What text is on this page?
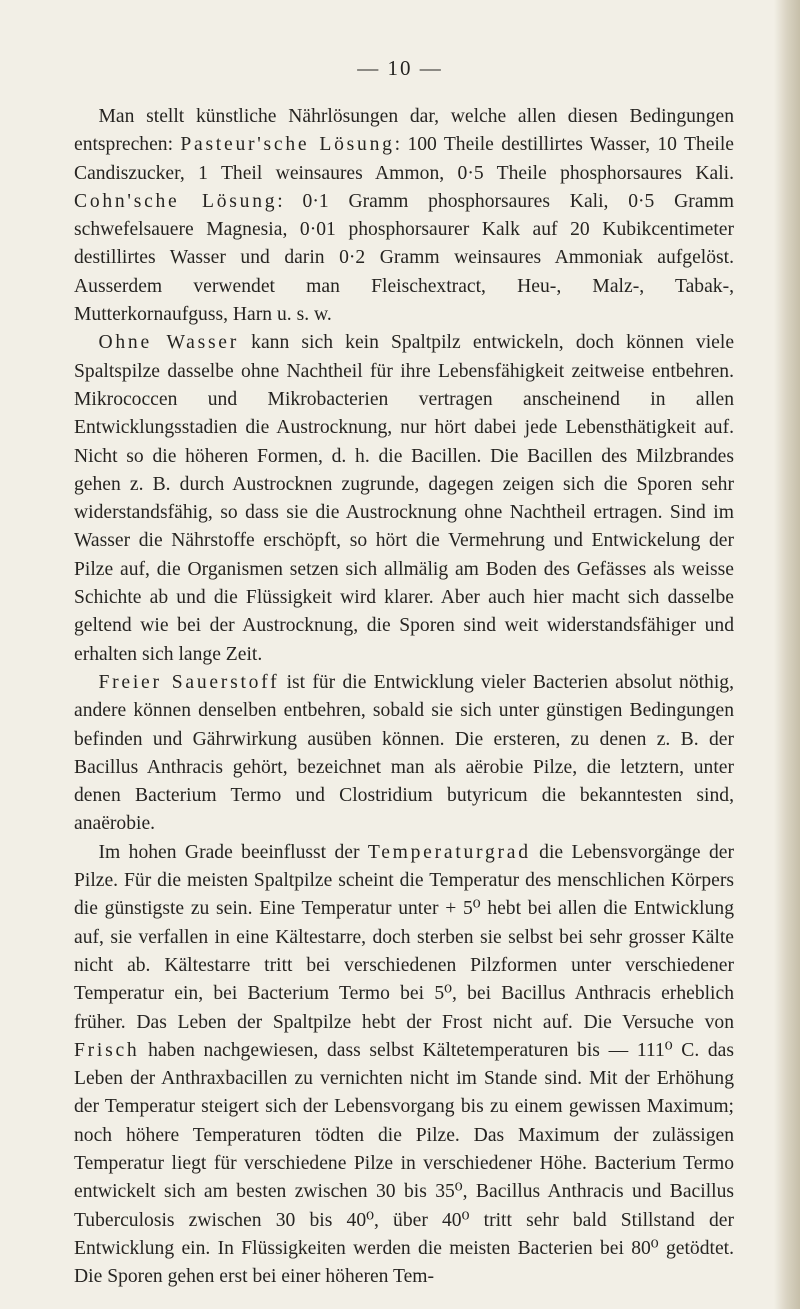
— 10 —

Man stellt künstliche Nährlösungen dar, welche allen diesen Bedingungen entsprechen: Pasteur'sche Lösung: 100 Theile destillirtes Wasser, 10 Theile Candiszucker, 1 Theil weinsaures Ammon, 0·5 Theile phosphorsaures Kali. Cohn'sche Lösung: 0·1 Gramm phosphorsaures Kali, 0·5 Gramm schwefelsauere Magnesia, 0·01 phosphorsaurer Kalk auf 20 Kubikcentimeter destillirtes Wasser und darin 0·2 Gramm weinsaures Ammoniak aufgelöst. Ausserdem verwendet man Fleischextract, Heu-, Malz-, Tabak-, Mutterkornaufguss, Harn u. s. w.

Ohne Wasser kann sich kein Spaltpilz entwickeln, doch können viele Spaltspilze dasselbe ohne Nachtheil für ihre Lebensfähigkeit zeitweise entbehren. Mikrococcen und Mikrobacterien vertragen anscheinend in allen Entwicklungsstadien die Austrocknung, nur hört dabei jede Lebensthätigkeit auf. Nicht so die höheren Formen, d. h. die Bacillen. Die Bacillen des Milzbrandes gehen z. B. durch Austrocknen zugrunde, dagegen zeigen sich die Sporen sehr widerstandsfähig, so dass sie die Austrocknung ohne Nachtheil ertragen. Sind im Wasser die Nährstoffe erschöpft, so hört die Vermehrung und Entwickelung der Pilze auf, die Organismen setzen sich allmälig am Boden des Gefässes als weisse Schichte ab und die Flüssigkeit wird klarer. Aber auch hier macht sich dasselbe geltend wie bei der Austrocknung, die Sporen sind weit widerstandsfähiger und erhalten sich lange Zeit.

Freier Sauerstoff ist für die Entwicklung vieler Bacterien absolut nöthig, andere können denselben entbehren, sobald sie sich unter günstigen Bedingungen befinden und Gährwirkung ausüben können. Die ersteren, zu denen z. B. der Bacillus Anthracis gehört, bezeichnet man als aërobie Pilze, die letztern, unter denen Bacterium Termo und Clostridium butyricum die bekanntesten sind, anaërobie.

Im hohen Grade beeinflusst der Temperaturgrad die Lebensvorgänge der Pilze. Für die meisten Spaltpilze scheint die Temperatur des menschlichen Körpers die günstigste zu sein. Eine Temperatur unter + 5⁰ hebt bei allen die Entwicklung auf, sie verfallen in eine Kältestarre, doch sterben sie selbst bei sehr grosser Kälte nicht ab. Kältestarre tritt bei verschiedenen Pilzformen unter verschiedener Temperatur ein, bei Bacterium Termo bei 5⁰, bei Bacillus Anthracis erheblich früher. Das Leben der Spaltpilze hebt der Frost nicht auf. Die Versuche von Frisch haben nachgewiesen, dass selbst Kältetemperaturen bis — 111⁰ C. das Leben der Anthraxbacillen zu vernichten nicht im Stande sind. Mit der Erhöhung der Temperatur steigert sich der Lebensvorgang bis zu einem gewissen Maximum; noch höhere Temperaturen tödten die Pilze. Das Maximum der zulässigen Temperatur liegt für verschiedene Pilze in verschiedener Höhe. Bacterium Termo entwickelt sich am besten zwischen 30 bis 35⁰, Bacillus Anthracis und Bacillus Tuberculosis zwischen 30 bis 40⁰, über 40⁰ tritt sehr bald Stillstand der Entwicklung ein. In Flüssigkeiten werden die meisten Bacterien bei 80⁰ getödtet. Die Sporen gehen erst bei einer höheren Tem-
